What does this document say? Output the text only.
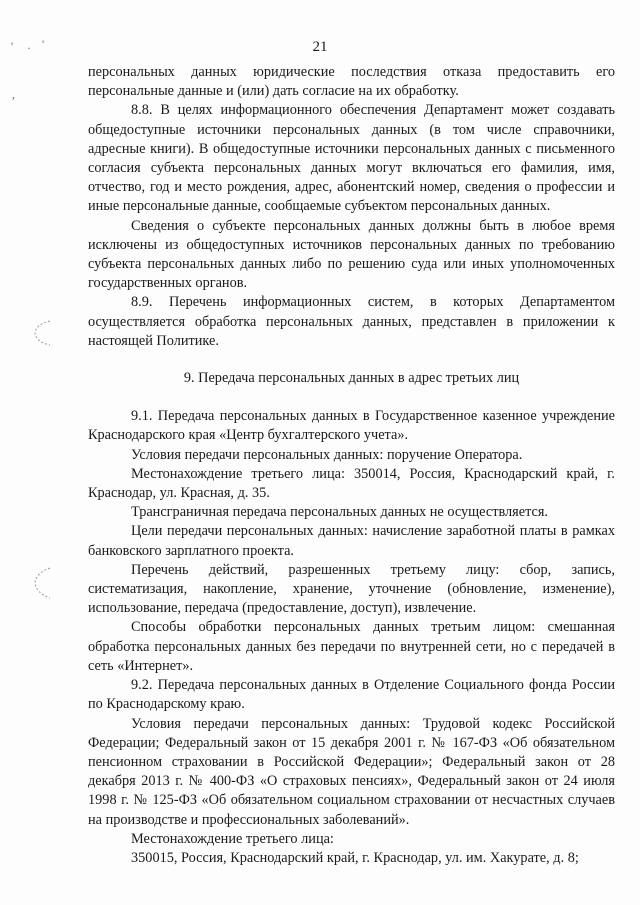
' · '
,
21

персональных данных юридические последствия отказа предоставить его персональные данные и (или) дать согласие на их обработку.

8.8. В целях информационного обеспечения Департамент может создавать общедоступные источники персональных данных (в том числе справочники, адресные книги). В общедоступные источники персональных данных с письменного согласия субъекта персональных данных могут включаться его фамилия, имя, отчество, год и место рождения, адрес, абонентский номер, сведения о профессии и иные персональные данные, сообщаемые субъектом персональных данных.

Сведения о субъекте персональных данных должны быть в любое время исключены из общедоступных источников персональных данных по требованию субъекта персональных данных либо по решению суда или иных уполномоченных государственных органов.

8.9. Перечень информационных систем, в которых Департаментом осуществляется обработка персональных данных, представлен в приложении к настоящей Политике.

9. Передача персональных данных в адрес третьих лиц

9.1. Передача персональных данных в Государственное казенное учреждение Краснодарского края «Центр бухгалтерского учета».

Условия передачи персональных данных: поручение Оператора.

Местонахождение третьего лица: 350014, Россия, Краснодарский край, г. Краснодар, ул. Красная, д. 35.

Трансграничная передача персональных данных не осуществляется.

Цели передачи персональных данных: начисление заработной платы в рамках банковского зарплатного проекта.

Перечень действий, разрешенных третьему лицу: сбор, запись, систематизация, накопление, хранение, уточнение (обновление, изменение), использование, передача (предоставление, доступ), извлечение.

Способы обработки персональных данных третьим лицом: смешанная обработка персональных данных без передачи по внутренней сети, но с передачей в сеть «Интернет».

9.2. Передача персональных данных в Отделение Социального фонда России по Краснодарскому краю.

Условия передачи персональных данных: Трудовой кодекс Российской Федерации; Федеральный закон от 15 декабря 2001 г. № 167-ФЗ «Об обязательном пенсионном страховании в Российской Федерации»; Федеральный закон от 28 декабря 2013 г. № 400-ФЗ «О страховых пенсиях», Федеральный закон от 24 июля 1998 г. № 125-ФЗ «Об обязательном социальном страховании от несчастных случаев на производстве и профессиональных заболеваний».

Местонахождение третьего лица:

350015, Россия, Краснодарский край, г. Краснодар, ул. им. Хакурате, д. 8;
